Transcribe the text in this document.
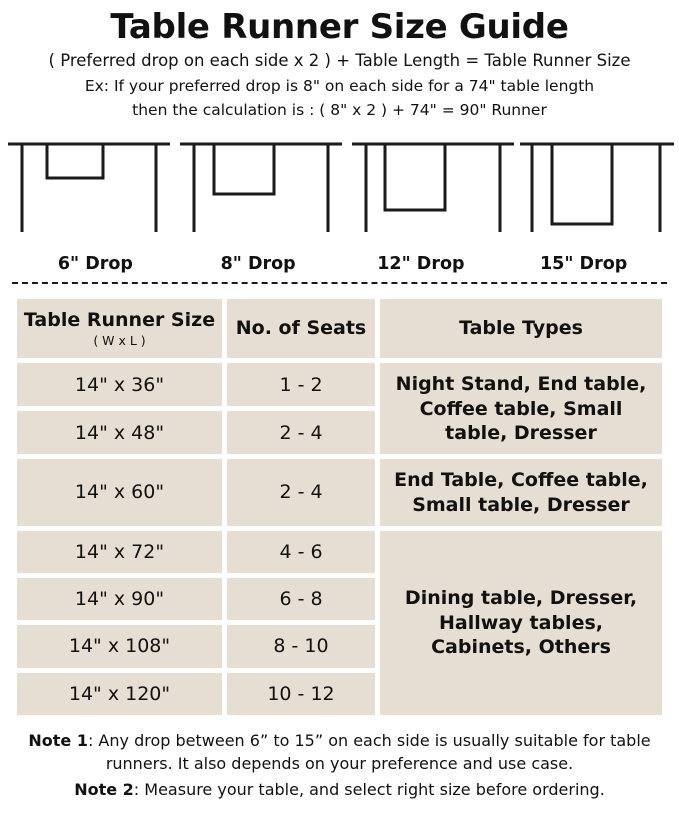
Table Runner Size Guide
( Preferred drop on each side x 2 ) + Table Length = Table Runner Size
Ex: If your preferred drop is 8" on each side for a 74" table length
then the calculation is : ( 8" x 2 ) + 74" = 90" Runner
6" Drop	8" Drop	12" Drop	15" Drop
Table Runner Size
( W x L )	No. of Seats	Table Types
14" x 36"	1 - 2	Night Stand, End table, Coffee table, Small table, Dresser
14" x 48"	2 - 4	
14" x 60"	2 - 4	End Table, Coffee table, Small table, Dresser
14" x 72"	4 - 6	Dining table, Dresser, Hallway tables, Cabinets, Others
14" x 90"	6 - 8	
14" x 108"	8 - 10	
14" x 120"	10 - 12	

Note 1: Any drop between 6” to 15” on each side is usually suitable for table runners. It also depends on your preference and use case.

Note 2: Measure your table, and select right size before ordering.
